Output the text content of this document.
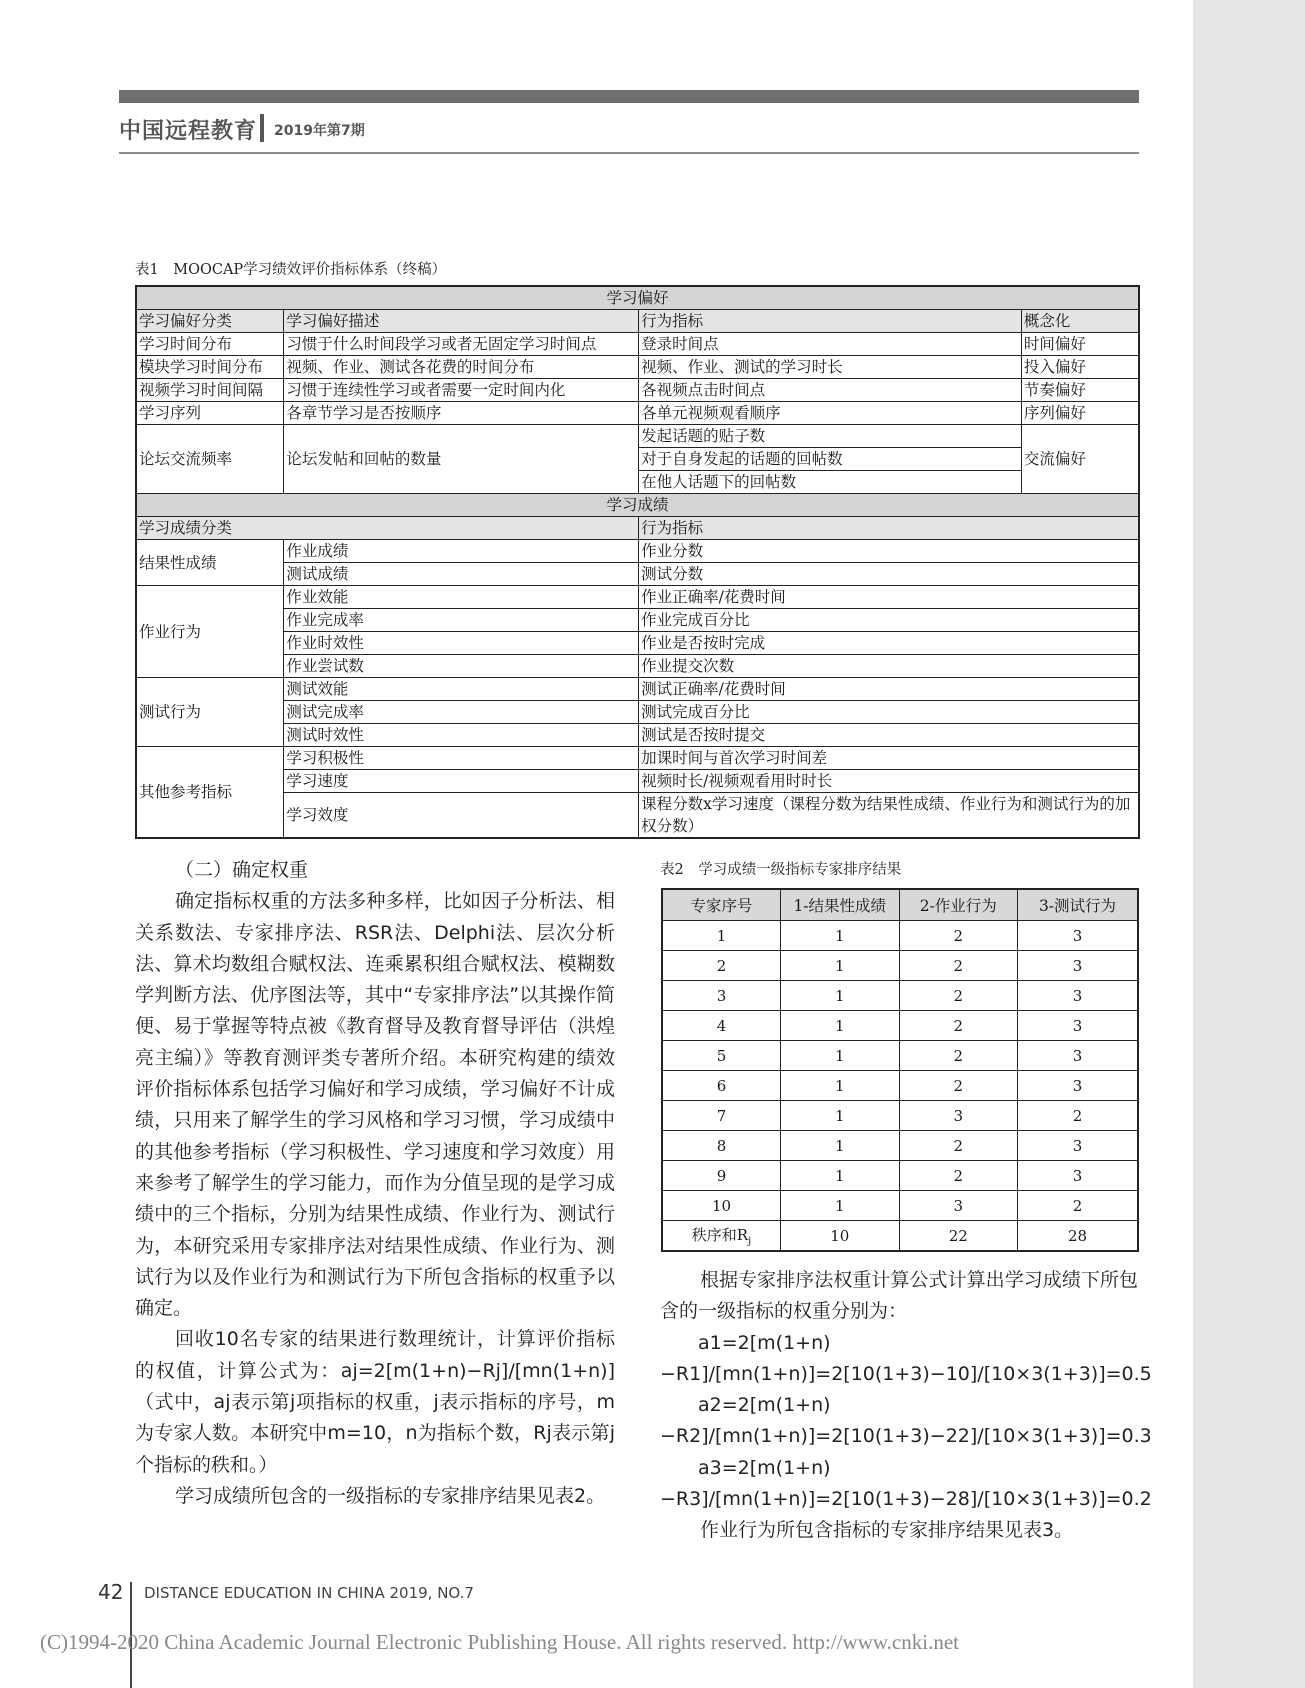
中国远程教育 2019年第7期
表1　MOOCAP学习绩效评价指标体系（终稿）
学习偏好			
学习偏好分类	学习偏好描述	行为指标	概念化
学习时间分布	习惯于什么时间段学习或者无固定学习时间点	登录时间点	时间偏好
模块学习时间分布	视频、作业、测试各花费的时间分布	视频、作业、测试的学习时长	投入偏好
视频学习时间间隔	习惯于连续性学习或者需要一定时间内化	各视频点击时间点	节奏偏好
学习序列	各章节学习是否按顺序	各单元视频观看顺序	序列偏好
论坛交流频率	论坛发帖和回帖的数量	发起话题的贴子数	交流偏好
		对于自身发起的话题的回帖数	
		在他人话题下的回帖数	
学习成绩			
学习成绩分类		行为指标	
结果性成绩	作业成绩	作业分数	
	测试成绩	测试分数	
作业行为	作业效能	作业正确率/花费时间	
	作业完成率	作业完成百分比	
	作业时效性	作业是否按时完成	
	作业尝试数	作业提交次数	
测试行为	测试效能	测试正确率/花费时间	
	测试完成率	测试完成百分比	
	测试时效性	测试是否按时提交	
其他参考指标	学习积极性	加课时间与首次学习时间差	
	学习速度	视频时长/视频观看用时时长	
	学习效度	课程分数x学习速度（课程分数为结果性成绩、作业行为和测试行为的加权分数）	

（二）确定权重

确定指标权重的方法多种多样，比如因子分析法、相关系数法、专家排序法、RSR法、Delphi法、层次分析法、算术均数组合赋权法、连乘累积组合赋权法、模糊数学判断方法、优序图法等，其中“专家排序法”以其操作简便、易于掌握等特点被《教育督导及教育督导评估（洪煌亮主编）》等教育测评类专著所介绍。本研究构建的绩效评价指标体系包括学习偏好和学习成绩，学习偏好不计成绩，只用来了解学生的学习风格和学习习惯，学习成绩中的其他参考指标（学习积极性、学习速度和学习效度）用来参考了解学生的学习能力，而作为分值呈现的是学习成绩中的三个指标，分别为结果性成绩、作业行为、测试行为，本研究采用专家排序法对结果性成绩、作业行为、测试行为以及作业行为和测试行为下所包含指标的权重予以确定。

回收10名专家的结果进行数理统计，计算评价指标的权值，计算公式为：aj=2[m(1+n)−Rj]/[mn(1+n)]（式中，aj表示第j项指标的权重，j表示指标的序号，m为专家人数。本研究中m=10，n为指标个数，Rj表示第j个指标的秩和。）

学习成绩所包含的一级指标的专家排序结果见表2。

表2　学习成绩一级指标专家排序结果
专家序号	1-结果性成绩	2-作业行为	3-测试行为
1	1	2	3
2	1	2	3
3	1	2	3
4	1	2	3
5	1	2	3
6	1	2	3
7	1	3	2
8	1	2	3
9	1	2	3
10	1	3	2
秩序和$R_j$	10	22	28

根据专家排序法权重计算公式计算出学习成绩下所包含的一级指标的权重分别为：

a1=2[m(1+n)−R1]/[mn(1+n)]=2[10(1+3)−10]/[10×3(1+3)]=0.5

a2=2[m(1+n)−R2]/[mn(1+n)]=2[10(1+3)−22]/[10×3(1+3)]=0.3

a3=2[m(1+n)−R3]/[mn(1+n)]=2[10(1+3)−28]/[10×3(1+3)]=0.2

作业行为所包含指标的专家排序结果见表3。

42 DISTANCE EDUCATION IN CHINA 2019, NO.7
(C)1994-2020 China Academic Journal Electronic Publishing House. All rights reserved. http://www.cnki.net
